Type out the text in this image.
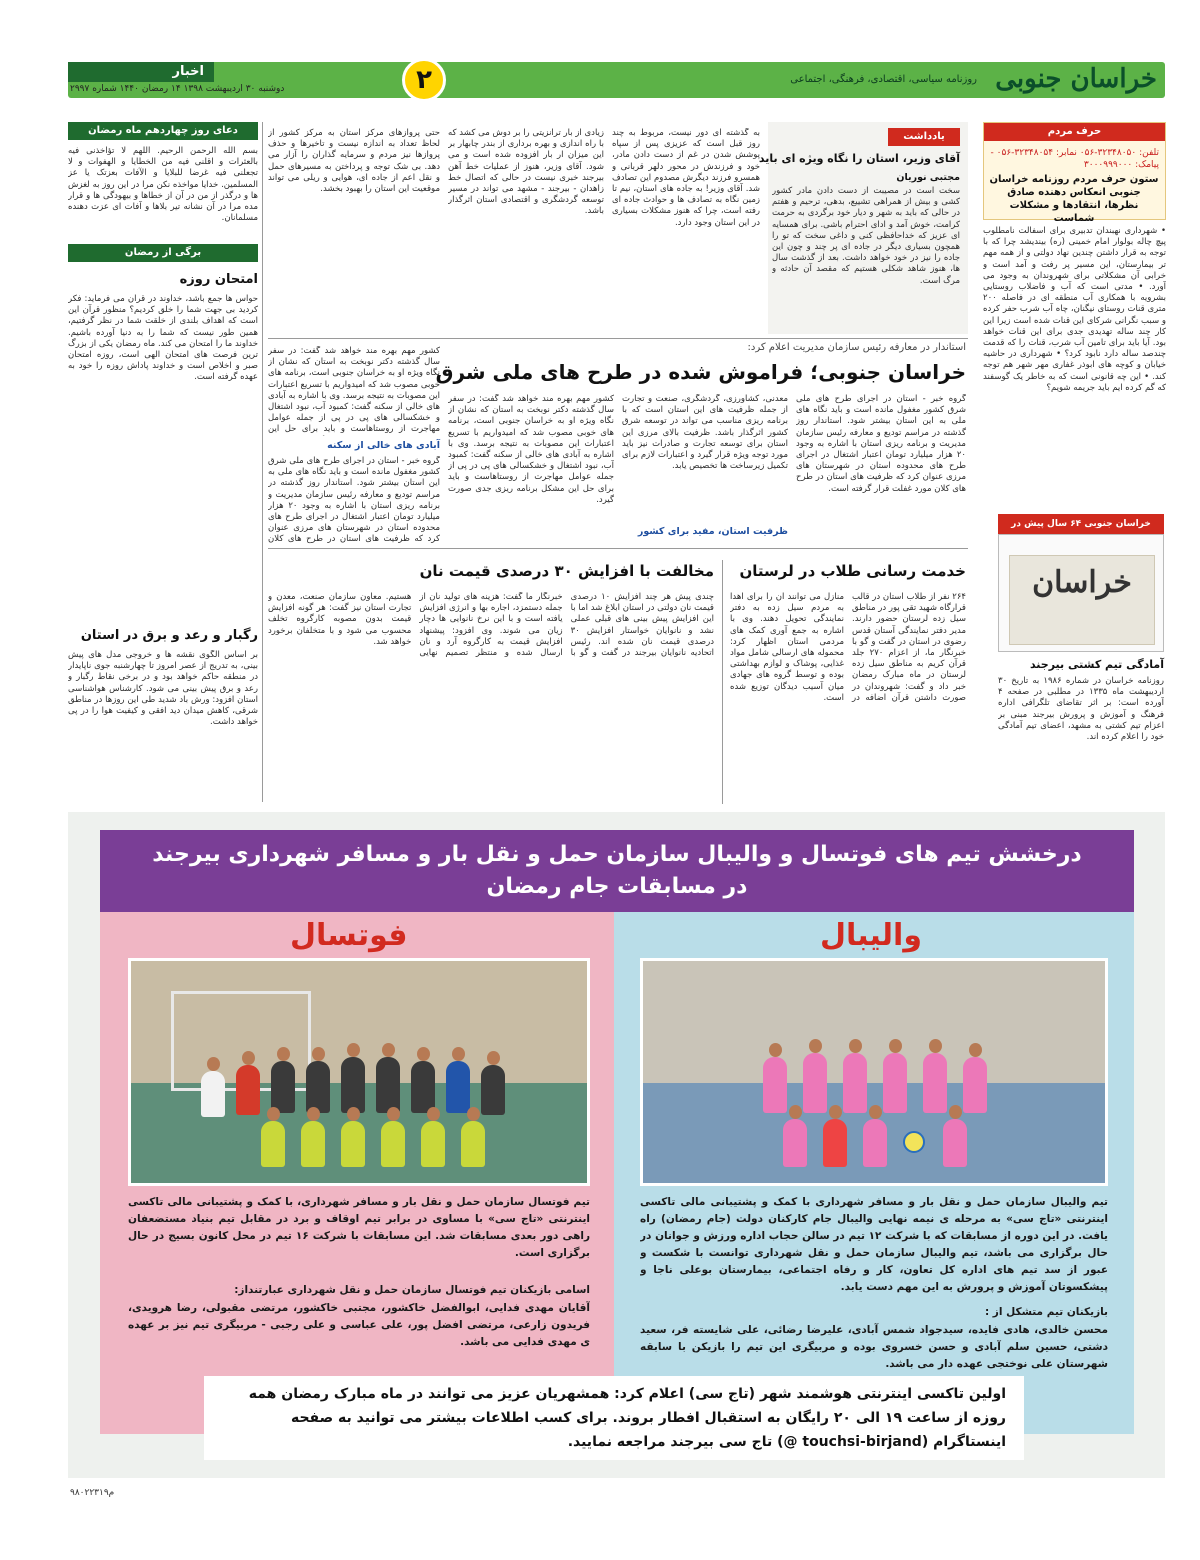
خراسان جنوبی
روزنامه سیاسی، اقتصادی، فرهنگی، اجتماعی
۲
اخبار
دوشنبه ۳۰ اردیبهشت ۱۳۹۸ ۱۴ رمضان ۱۴۴۰ شماره ۲۹۹۷
حرف مردم
تلفن: ۳۲۳۴۸۰۵۰-۰۵۶ نمابر: ۳۲۳۴۸۰۵۴-۰۵۶ - پیامک: ۳۰۰۰۹۹۹۰۰۰
ستون حرف مردم روزنامه خراسان جنوبی انعکاس دهنده صادق نظرها، انتقادها و مشکلات شماست
• شهرداری نهبندان تدبیری برای آسفالت نامطلوب پیچ چاله بولوار امام خمینی (ره) بیندیشد چرا که با توجه به قرار داشتن چندین نهاد دولتی و از همه مهم تر بیمارستان، این مسیر پر رفت و آمد است و خرابی آن مشکلاتی برای شهروندان به وجود می آورد. • مدتی است که آب و فاضلاب روستایی بشرویه با همکاری آب منطقه ای در فاصله ۲۰۰ متری قنات روستای نیگنان، چاه آب شرب حفر کرده و سبب نگرانی شرکای این قنات شده است زیرا این کار چند ساله تهدیدی جدی برای این قنات خواهد بود. آیا باید برای تامین آب شرب، قنات را که قدمت چندصد ساله دارد نابود کرد؟ • شهرداری در حاشیه خیابان و کوچه های ابوذر غفاری مهر شهر هم توجه کند. • این چه قانونی است که به خاطر یک گوسفند که گم کرده ایم باید جریمه شویم؟
خراسان جنوبی ۶۴ سال پیش در
خراسان
آمادگی تیم کشتی بیرجند
روزنامه خراسان در شماره ۱۹۸۶ به تاریخ ۳۰ اردیبهشت ماه ۱۳۳۵ در مطلبی در صفحه ۴ آورده است: بر اثر تقاضای تلگرافی اداره فرهنگ و آموزش و پرورش بیرجند مبنی بر اعزام تیم کشتی به مشهد، اعضای تیم آمادگی خود را اعلام کرده اند.
یادداشت
آقای وزیر، استان را نگاه ویژه ای باید
مجتبی نوریان
سخت است در مصیبت از دست دادن مادر کشور کشی و بیش از همراهی تشییع، بدهی، ترحیم و هفتم در حالی که باید به شهر و دیار خود برگردی به حرمت کرامت، خوش آمد و ادای احترام باشی. برای همسایه ای عزیز که خداحافظی کنی و داغی سخت که تو را همچون بسیاری دیگر در جاده ای پر چند و چون این جاده را نیز در خود خواهد داشت. بعد از گذشت سال ها، هنوز شاهد شکلی هستیم که مقصد آن حادثه و مرگ است.
به گذشته ای دور نیست، مربوط به چند روز قبل است که عزیزی پس از سپاه پوشش شدن در غم از دست دادن مادر، خود و فرزندش در محور دلهر قربانی و همسرو فرزند دیگرش مصدوم این تصادف شد. آقای وزیر! به جاده های استان، نیم تا زمین نگاه به تصادف ها و حوادث جاده ای رفته است، چرا که هنوز مشکلات بسیاری در این استان وجود دارد.
زیادی از بار ترانزیتی را بر دوش می کشد که با راه اندازی و بهره برداری از بندر چابهار بر این میزان ار بار افزوده شده است و می شود. آقای وزیر، هنوز از عملیات خط آهن بیرجند خبری نیست در حالی که اتصال خط زاهدان - بیرجند - مشهد می تواند در مسیر توسعه گردشگری و اقتصادی استان اثرگذار باشد.
حتی پروازهای مرکز استان به مرکز کشور از لحاظ تعداد به اندازه نیست و تاخیرها و حذف پروازها نیز مردم و سرمایه گذاران را آزار می دهد. بی شک توجه و پرداختن به مسیرهای حمل و نقل اعم از جاده ای، هوایی و ریلی می تواند موقعیت این استان را بهبود بخشد.
استاندار در معارفه رئیس سازمان مدیریت اعلام کرد:
خراسان جنوبی؛ فراموش شده در طرح های ملی شرق
گروه خبر - استان در اجرای طرح های ملی شرق کشور مغفول مانده است و باید نگاه های ملی به این استان بیشتر شود. استاندار روز گذشته در مراسم تودیع و معارفه رئیس سازمان مدیریت و برنامه ریزی استان با اشاره به وجود ۲۰ هزار میلیارد تومان اعتبار اشتغال در اجرای طرح های محدوده استان در شهرستان های مرزی عنوان کرد که ظرفیت های استان در طرح های کلان مورد غفلت قرار گرفته است.
معدنی، کشاورزی، گردشگری، صنعت و تجارت از جمله ظرفیت های این استان است که با برنامه ریزی مناسب می تواند در توسعه شرق کشور اثرگذار باشد. ظرفیت بالای مرزی این استان برای توسعه تجارت و صادرات نیز باید مورد توجه ویژه قرار گیرد و اعتبارات لازم برای تکمیل زیرساخت ها تخصیص یابد.
ظرفیت استان، مفید برای کشور
کشور مهم بهره مند خواهد شد گفت: در سفر سال گذشته دکتر نوبخت به استان که نشان از نگاه ویژه او به خراسان جنوبی است، برنامه های خوبی مصوب شد که امیدواریم با تسریع اعتبارات این مصوبات به نتیجه برسد. وی با اشاره به آبادی های خالی از سکنه گفت: کمبود آب، نبود اشتغال و خشکسالی های پی در پی از جمله عوامل مهاجرت از روستاهاست و باید برای حل این مشکل برنامه ریزی جدی صورت گیرد.
آبادی های خالی از سکنه
کشور مهم بهره مند خواهد شد گفت: در سفر سال گذشته دکتر نوبخت به استان که نشان از نگاه ویژه او به خراسان جنوبی است، برنامه های خوبی مصوب شد که امیدواریم با تسریع اعتبارات این مصوبات به نتیجه برسد. وی با اشاره به آبادی های خالی از سکنه گفت: کمبود آب، نبود اشتغال و خشکسالی های پی در پی از جمله عوامل مهاجرت از روستاهاست و باید برای حل این
گروه خبر - استان در اجرای طرح های ملی شرق کشور مغفول مانده است و باید نگاه های ملی به این استان بیشتر شود. استاندار روز گذشته در مراسم تودیع و معارفه رئیس سازمان مدیریت و برنامه ریزی استان با اشاره به وجود ۲۰ هزار میلیارد تومان اعتبار اشتغال در اجرای طرح های محدوده استان در شهرستان های مرزی عنوان کرد که ظرفیت های استان در طرح های کلان
خدمت رسانی طلاب در لرستان
۲۶۴ نفر از طلاب استان در قالب قرارگاه شهید تقی پور در مناطق سیل زده لرستان حضور دارند. مدیر دفتر نمایندگی آستان قدس رضوی در استان در گفت و گو با خبرنگار ما، از اعزام ۲۷۰ جلد قرآن کریم به مناطق سیل زده لرستان در ماه مبارک رمضان خبر داد و گفت: شهروندان در صورت داشتن قرآن اضافه در منازل می توانند آن را برای اهدا به مردم سیل زده به دفتر نمایندگی تحویل دهند. وی با اشاره به جمع آوری کمک های مردمی استان اظهار کرد: محموله های ارسالی شامل مواد غذایی، پوشاک و لوازم بهداشتی بوده و توسط گروه های جهادی میان آسیب دیدگان توزیع شده است.
مخالفت با افزایش ۳۰ درصدی قیمت نان
چندی پیش هر چند افزایش ۱۰ درصدی قیمت نان دولتی در استان ابلاغ شد اما با این افزایش پیش بینی های قبلی عملی نشد و نانوایان خواستار افزایش ۳۰ درصدی قیمت نان شده اند. رئیس اتحادیه نانوایان بیرجند در گفت و گو با خبرنگار ما گفت: هزینه های تولید نان از جمله دستمزد، اجاره بها و انرژی افزایش یافته است و با این نرخ نانوایی ها دچار زیان می شوند. وی افزود: پیشنهاد افزایش قیمت به کارگروه آرد و نان ارسال شده و منتظر تصمیم نهایی هستیم. معاون سازمان صنعت، معدن و تجارت استان نیز گفت: هر گونه افزایش قیمت بدون مصوبه کارگروه تخلف محسوب می شود و با متخلفان برخورد خواهد شد.
دعای روز چهاردهم ماه رمضان
بسم الله الرحمن الرحیم. اللهم لا تؤاخذنی فیه بالعثرات و اقلنی فیه من الخطایا و الهفوات و لا تجعلنی فیه غرضا للبلایا و الآفات بعزتک یا عز المسلمین. خدایا مواخذه نکن مرا در این روز به لغزش ها و درگذر از من در آن از خطاها و بیهودگی ها و قرار مده مرا در آن نشانه تیر بلاها و آفات ای عزت دهنده مسلمانان.
برگی از رمضان
امتحان روزه
حواس ها جمع باشد، خداوند در قرآن می فرماید: فکر کردید بی جهت شما را خلق کردیم؟ منظور قرآن این است که اهداف بلندی از خلقت شما در نظر گرفتیم، همین طور نیست که شما را به دنیا آورده باشیم. خداوند ما را امتحان می کند. ماه رمضان یکی از بزرگ ترین فرصت های امتحان الهی است، روزه امتحان صبر و اخلاص است و خداوند پاداش روزه را خود به عهده گرفته است.
رگبار و رعد و برق در استان
بر اساس الگوی نقشه ها و خروجی مدل های پیش بینی، به تدریج از عصر امروز تا چهارشنبه جوی ناپایدار در منطقه حاکم خواهد بود و در برخی نقاط رگبار و رعد و برق پیش بینی می شود. کارشناس هواشناسی استان افزود: ورش باد شدید طی این روزها در مناطق شرقی، کاهش میدان دید افقی و کیفیت هوا را در پی خواهد داشت.
درخشش تیم های فوتسال و والیبال سازمان حمل و نقل بار و مسافر شهرداری بیرجند
در مسابقات جام رمضان
فوتسال	والیبال
تیم فوتسال سازمان حمل و نقل بار و مسافر شهرداری، با کمک و پشتیبانی مالی تاکسی اینترنتی «تاج سی» با مساوی در برابر تیم اوقاف و برد در مقابل تیم بنیاد مستضعفان راهی دور بعدی مسابقات شد. این مسابقات با شرکت ۱۶ تیم در محل کانون بسیج در حال برگزاری است.
اسامی بازیکنان تیم فوتسال سازمان حمل و نقل شهرداری عبارتنداز:
آقایان مهدی فدایی، ابوالفضل خاکشور، مجتبی خاکشور، مرتضی مقبولی، رضا هرویدی، فریدون زارعی، مرتضی افضل پور، علی عباسی و علی رجبی - مربیگری تیم نیز بر عهده ی مهدی فدایی می باشد.
تیم والیبال سازمان حمل و نقل بار و مسافر شهرداری با کمک و پشتیبانی مالی تاکسی اینترنتی «تاج سی» به مرحله ی نیمه نهایی والیبال جام کارکنان دولت (جام رمضان) راه یافت. در این دوره از مسابقات که با شرکت ۱۲ تیم در سالن حجاب اداره ورزش و جوانان در حال برگزاری می باشد، تیم والیبال سازمان حمل و نقل شهرداری توانست با شکست و عبور از سد تیم های اداره کل تعاون، کار و رفاه اجتماعی، بیمارستان بوعلی ناجا و پیشکسوتان آموزش و پرورش به این مهم دست یابد.
بازیکنان تیم متشکل از :
محسن خالدی، هادی فایده، سیدجواد شمس آبادی، علیرضا رضائی، علی شایسته فر، سعید دشتی، حسین سلم آبادی و حسن خسروی بوده و مربیگری این تیم را بازیکن با سابقه شهرستان علی نوختجی عهده دار می باشد.
اولین تاکسی اینترنتی هوشمند شهر (تاج سی) اعلام کرد: همشهریان عزیز می توانند در ماه مبارک رمضان همه روزه از ساعت ۱۹ الی ۲۰ رایگان به استقبال افطار بروند. برای کسب اطلاعات بیشتر می توانید به صفحه اینستاگرام (touchsi-birjand @) تاج سی بیرجند مراجعه نمایید.
۹۸۰۲۲۳۱۹م
